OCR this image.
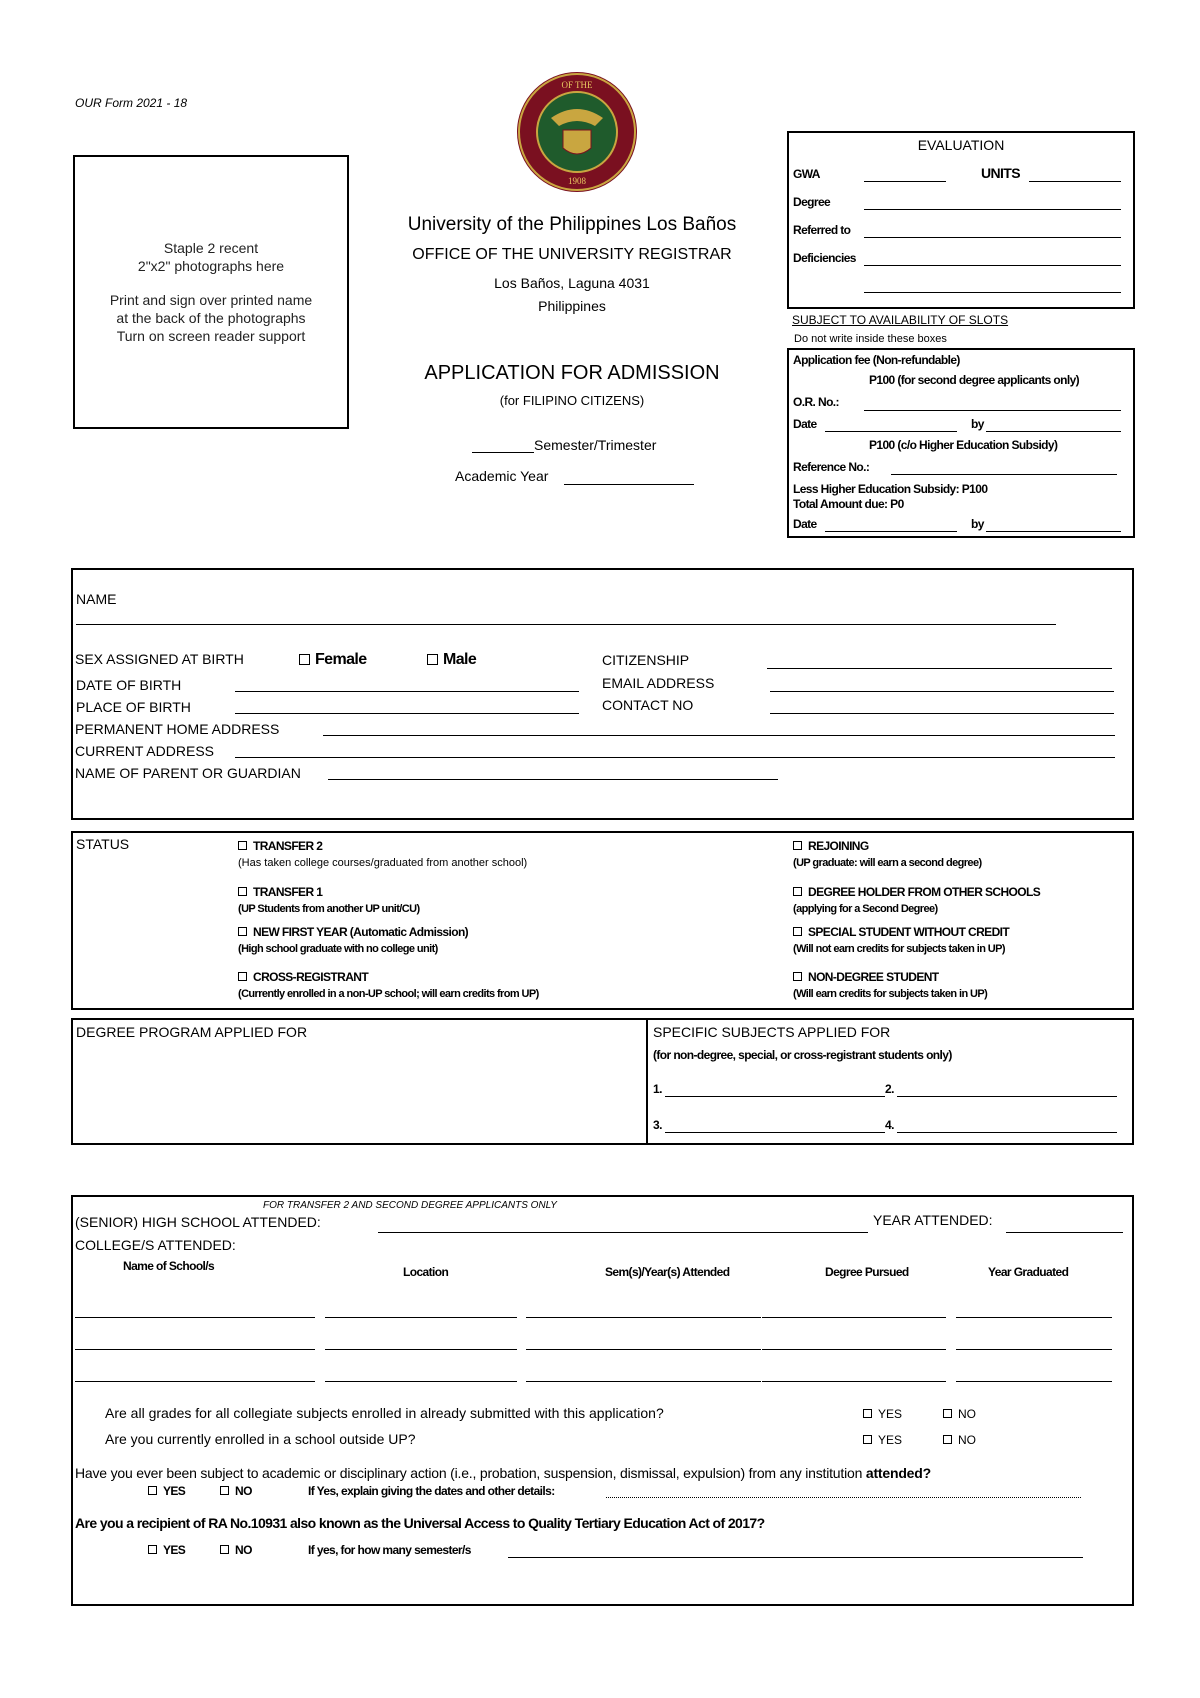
OUR Form 2021 - 18
Staple 2 recent
2"x2" photographs here
Print and sign over printed name
at the back of the photographs
Turn on screen reader support
OF THE
1908
University of the Philippines Los Baños
OFFICE OF THE UNIVERSITY REGISTRAR
Los Baños, Laguna 4031
Philippines
APPLICATION FOR ADMISSION
(for FILIPINO CITIZENS)
Semester/Trimester
Academic Year
EVALUATION
GWA	UNITS
Degree
Referred to
Deficiencies
SUBJECT TO AVAILABILITY OF SLOTS
Do not write inside these boxes
Application fee (Non-refundable)
P100 (for second degree applicants only)
O.R. No.:
Date	by
P100 (c/o Higher Education Subsidy)
Reference No.:
Less Higher Education Subsidy: P100
Total Amount due: P0
Date	by
NAME
SEX ASSIGNED AT BIRTH	Female	Male	CITIZENSHIP
DATE OF BIRTH	EMAIL ADDRESS
PLACE OF BIRTH	CONTACT NO
PERMANENT HOME ADDRESS
CURRENT ADDRESS
NAME OF PARENT OR GUARDIAN
STATUS	TRANSFER 2
(Has taken college courses/graduated from another school)
TRANSFER 1
(UP Students from another UP unit/CU)
NEW FIRST YEAR (Automatic Admission)
(High school graduate with no college unit)
CROSS-REGISTRANT
(Currently enrolled in a non-UP school; will earn credits from UP)
REJOINING
(UP graduate: will earn a second degree)
DEGREE HOLDER FROM OTHER SCHOOLS
(applying for a Second Degree)
SPECIAL STUDENT WITHOUT CREDIT
(Will not earn credits for subjects taken in UP)
NON-DEGREE STUDENT
(Will earn credits for subjects taken in UP)
DEGREE PROGRAM APPLIED FOR	SPECIFIC SUBJECTS APPLIED FOR
(for non-degree, special, or cross-registrant students only)
1.	2.
3.	4.
FOR TRANSFER 2 AND SECOND DEGREE APPLICANTS ONLY
(SENIOR) HIGH SCHOOL ATTENDED:	YEAR ATTENDED:
COLLEGE/S ATTENDED:
Name of School/s	Location	Sem(s)/Year(s) Attended	Degree Pursued	Year Graduated
Are all grades for all collegiate subjects enrolled in already submitted with this application?	YES	NO
Are you currently enrolled in a school outside UP?	YES	NO
Have you ever been subject to academic or disciplinary action (i.e., probation, suspension, dismissal, expulsion) from any institution attended?
YES	NO	If Yes, explain giving the dates and other details:
Are you a recipient of RA No.10931 also known as the Universal Access to Quality Tertiary Education Act of 2017?
YES	NO	If yes, for how many semester/s
